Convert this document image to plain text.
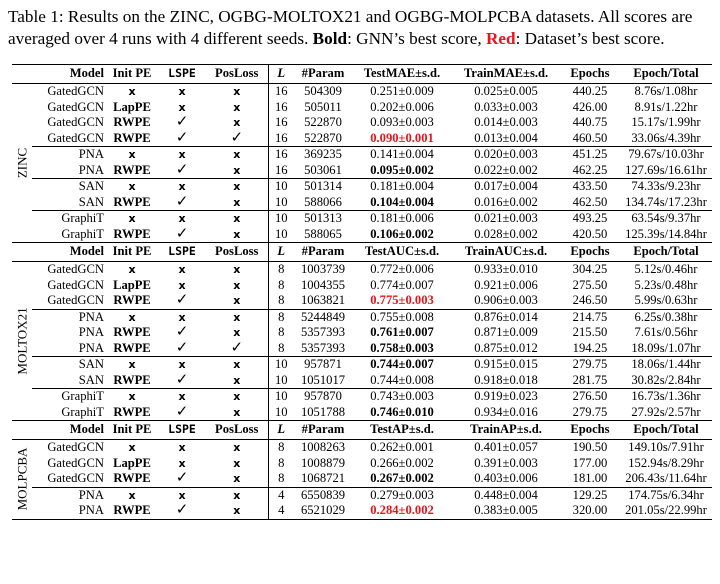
Table 1: Results on the ZINC, OGBG-MOLTOX21 and OGBG-MOLPCBA datasets. All scores are averaged over 4 runs with 4 different seeds. Bold: GNN’s best score, Red: Dataset’s best score.
	Model	Init PE	LSPE	PosLoss	L	#Param	TestMAE±s.d.	TrainMAE±s.d.	Epochs	Epoch/Total

ZINC	GatedGCN	x	x	x	16	504309	0.251±0.009	0.025±0.005	440.25	8.76s/1.08hr
	GatedGCN	LapPE	x	x	16	505011	0.202±0.006	0.033±0.003	426.00	8.91s/1.22hr
	GatedGCN	RWPE	✓	x	16	522870	0.093±0.003	0.014±0.003	440.75	15.17s/1.99hr
	GatedGCN	RWPE	✓	✓	16	522870	0.090±0.001	0.013±0.004	460.50	33.06s/4.39hr
	PNA	x	x	x	16	369235	0.141±0.004	0.020±0.003	451.25	79.67s/10.03hr
	PNA	RWPE	✓	x	16	503061	0.095±0.002	0.022±0.002	462.25	127.69s/16.61hr
	SAN	x	x	x	10	501314	0.181±0.004	0.017±0.004	433.50	74.33s/9.23hr
	SAN	RWPE	✓	x	10	588066	0.104±0.004	0.016±0.002	462.50	134.74s/17.23hr
	GraphiT	x	x	x	10	501313	0.181±0.006	0.021±0.003	493.25	63.54s/9.37hr
	GraphiT	RWPE	✓	x	10	588065	0.106±0.002	0.028±0.002	420.50	125.39s/14.84hr
	Model	Init PE	LSPE	PosLoss	L	#Param	TestAUC±s.d.	TrainAUC±s.d.	Epochs	Epoch/Total

MOLTOX21	GatedGCN	x	x	x	8	1003739	0.772±0.006	0.933±0.010	304.25	5.12s/0.46hr
	GatedGCN	LapPE	x	x	8	1004355	0.774±0.007	0.921±0.006	275.50	5.23s/0.48hr
	GatedGCN	RWPE	✓	x	8	1063821	0.775±0.003	0.906±0.003	246.50	5.99s/0.63hr
	PNA	x	x	x	8	5244849	0.755±0.008	0.876±0.014	214.75	6.25s/0.38hr
	PNA	RWPE	✓	x	8	5357393	0.761±0.007	0.871±0.009	215.50	7.61s/0.56hr
	PNA	RWPE	✓	✓	8	5357393	0.758±0.003	0.875±0.012	194.25	18.09s/1.07hr
	SAN	x	x	x	10	957871	0.744±0.007	0.915±0.015	279.75	18.06s/1.44hr
	SAN	RWPE	✓	x	10	1051017	0.744±0.008	0.918±0.018	281.75	30.82s/2.84hr
	GraphiT	x	x	x	10	957870	0.743±0.003	0.919±0.023	276.50	16.73s/1.36hr
	GraphiT	RWPE	✓	x	10	1051788	0.746±0.010	0.934±0.016	279.75	27.92s/2.57hr
	Model	Init PE	LSPE	PosLoss	L	#Param	TestAP±s.d.	TrainAP±s.d.	Epochs	Epoch/Total

MOLPCBA	GatedGCN	x	x	x	8	1008263	0.262±0.001	0.401±0.057	190.50	149.10s/7.91hr
	GatedGCN	LapPE	x	x	8	1008879	0.266±0.002	0.391±0.003	177.00	152.94s/8.29hr
	GatedGCN	RWPE	✓	x	8	1068721	0.267±0.002	0.403±0.006	181.00	206.43s/11.64hr
	PNA	x	x	x	4	6550839	0.279±0.003	0.448±0.004	129.25	174.75s/6.34hr
	PNA	RWPE	✓	x	4	6521029	0.284±0.002	0.383±0.005	320.00	201.05s/22.99hr
